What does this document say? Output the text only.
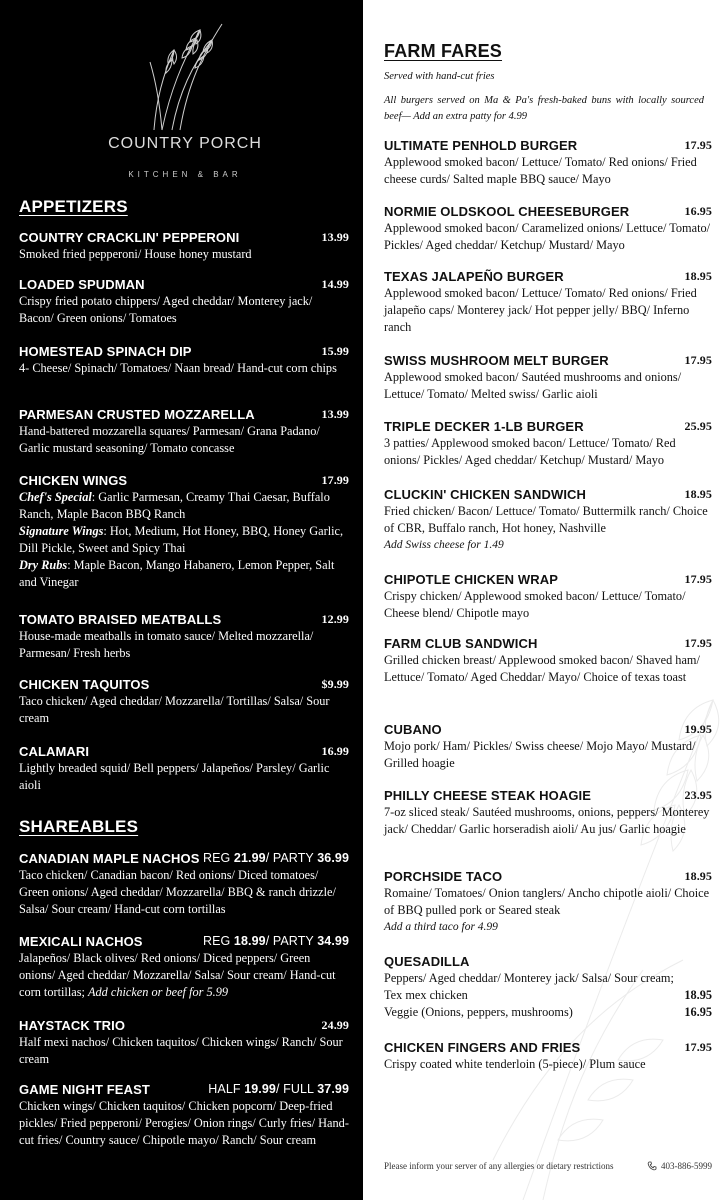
COUNTRY PORCH
KITCHEN & BAR
APPETIZERS
COUNTRY CRACKLIN' PEPPERONI	13.99
Smoked fried pepperoni/ House honey mustard
LOADED SPUDMAN	14.99
Crispy fried potato chippers/ Aged cheddar/ Monterey jack/ Bacon/ Green onions/ Tomatoes
HOMESTEAD SPINACH DIP	15.99
4- Cheese/ Spinach/ Tomatoes/ Naan bread/ Hand-cut corn chips
PARMESAN CRUSTED MOZZARELLA	13.99
Hand-battered mozzarella squares/ Parmesan/ Grana Padano/ Garlic mustard seasoning/ Tomato concasse
CHICKEN WINGS	17.99
Chef's Special: Garlic Parmesan, Creamy Thai Caesar, Buffalo Ranch, Maple Bacon BBQ Ranch
Signature Wings: Hot, Medium, Hot Honey, BBQ, Honey Garlic, Dill Pickle, Sweet and Spicy Thai
Dry Rubs: Maple Bacon, Mango Habanero, Lemon Pepper, Salt and Vinegar
TOMATO BRAISED MEATBALLS	12.99
House-made meatballs in tomato sauce/ Melted mozzarella/ Parmesan/ Fresh herbs
CHICKEN TAQUITOS	$9.99
Taco chicken/ Aged cheddar/ Mozzarella/ Tortillas/ Salsa/ Sour cream
CALAMARI	16.99
Lightly breaded squid/ Bell peppers/ Jalapeños/ Parsley/ Garlic aioli
SHAREABLES
CANADIAN MAPLE NACHOS REG 21.99/ PARTY 36.99
Taco chicken/ Canadian bacon/ Red onions/ Diced tomatoes/ Green onions/ Aged cheddar/ Mozzarella/ BBQ & ranch drizzle/ Salsa/ Sour cream/ Hand-cut corn tortillas
MEXICALI NACHOS	REG 18.99/ PARTY 34.99
Jalapeños/ Black olives/ Red onions/ Diced peppers/ Green onions/ Aged cheddar/ Mozzarella/ Salsa/ Sour cream/ Hand-cut corn tortillas; Add chicken or beef for 5.99
HAYSTACK TRIO	24.99
Half mexi nachos/ Chicken taquitos/ Chicken wings/ Ranch/ Sour cream
GAME NIGHT FEAST	HALF 19.99/ FULL 37.99
Chicken wings/ Chicken taquitos/ Chicken popcorn/ Deep-fried pickles/ Fried pepperoni/ Perogies/ Onion rings/ Curly fries/ Hand-cut fries/ Country sauce/ Chipotle mayo/ Ranch/ Sour cream
FARM FARES
Served with hand-cut fries
All burgers served on Ma & Pa's fresh-baked buns with locally sourced beef— Add an extra patty for 4.99
ULTIMATE PENHOLD BURGER	17.95
Applewood smoked bacon/ Lettuce/ Tomato/ Red onions/ Fried cheese curds/ Salted maple BBQ sauce/ Mayo
NORMIE OLDSKOOL CHEESEBURGER	16.95
Applewood smoked bacon/ Caramelized onions/ Lettuce/ Tomato/ Pickles/ Aged cheddar/ Ketchup/ Mustard/ Mayo
TEXAS JALAPEÑO BURGER	18.95
Applewood smoked bacon/ Lettuce/ Tomato/ Red onions/ Fried jalapeño caps/ Monterey jack/ Hot pepper jelly/ BBQ/ Inferno ranch
SWISS MUSHROOM MELT BURGER	17.95
Applewood smoked bacon/ Sautéed mushrooms and onions/ Lettuce/ Tomato/ Melted swiss/ Garlic aioli
TRIPLE DECKER 1-LB BURGER	25.95
3 patties/ Applewood smoked bacon/ Lettuce/ Tomato/ Red onions/ Pickles/ Aged cheddar/ Ketchup/ Mustard/ Mayo
CLUCKIN' CHICKEN SANDWICH	18.95
Fried chicken/ Bacon/ Lettuce/ Tomato/ Buttermilk ranch/ Choice of CBR, Buffalo ranch, Hot honey, Nashville
Add Swiss cheese for 1.49
CHIPOTLE CHICKEN WRAP	17.95
Crispy chicken/ Applewood smoked bacon/ Lettuce/ Tomato/ Cheese blend/ Chipotle mayo
FARM CLUB SANDWICH	17.95
Grilled chicken breast/ Applewood smoked bacon/ Shaved ham/ Lettuce/ Tomato/ Aged Cheddar/ Mayo/ Choice of texas toast
CUBANO	19.95
Mojo pork/ Ham/ Pickles/ Swiss cheese/ Mojo Mayo/ Mustard/ Grilled hoagie
PHILLY CHEESE STEAK HOAGIE	23.95
7-oz sliced steak/ Sautéed mushrooms, onions, peppers/ Monterey jack/ Cheddar/ Garlic horseradish aioli/ Au jus/ Garlic hoagie
PORCHSIDE TACO	18.95
Romaine/ Tomatoes/ Onion tanglers/ Ancho chipotle aioli/ Choice of BBQ pulled pork or Seared steak
Add a third taco for 4.99
QUESADILLA
Peppers/ Aged cheddar/ Monterey jack/ Salsa/ Sour cream;
Tex mex chicken	18.95
Veggie (Onions, peppers, mushrooms)	16.95
CHICKEN FINGERS AND FRIES	17.95
Crispy coated white tenderloin (5-piece)/ Plum sauce
Please inform your server of any allergies or dietary restrictions	403-886-5999
